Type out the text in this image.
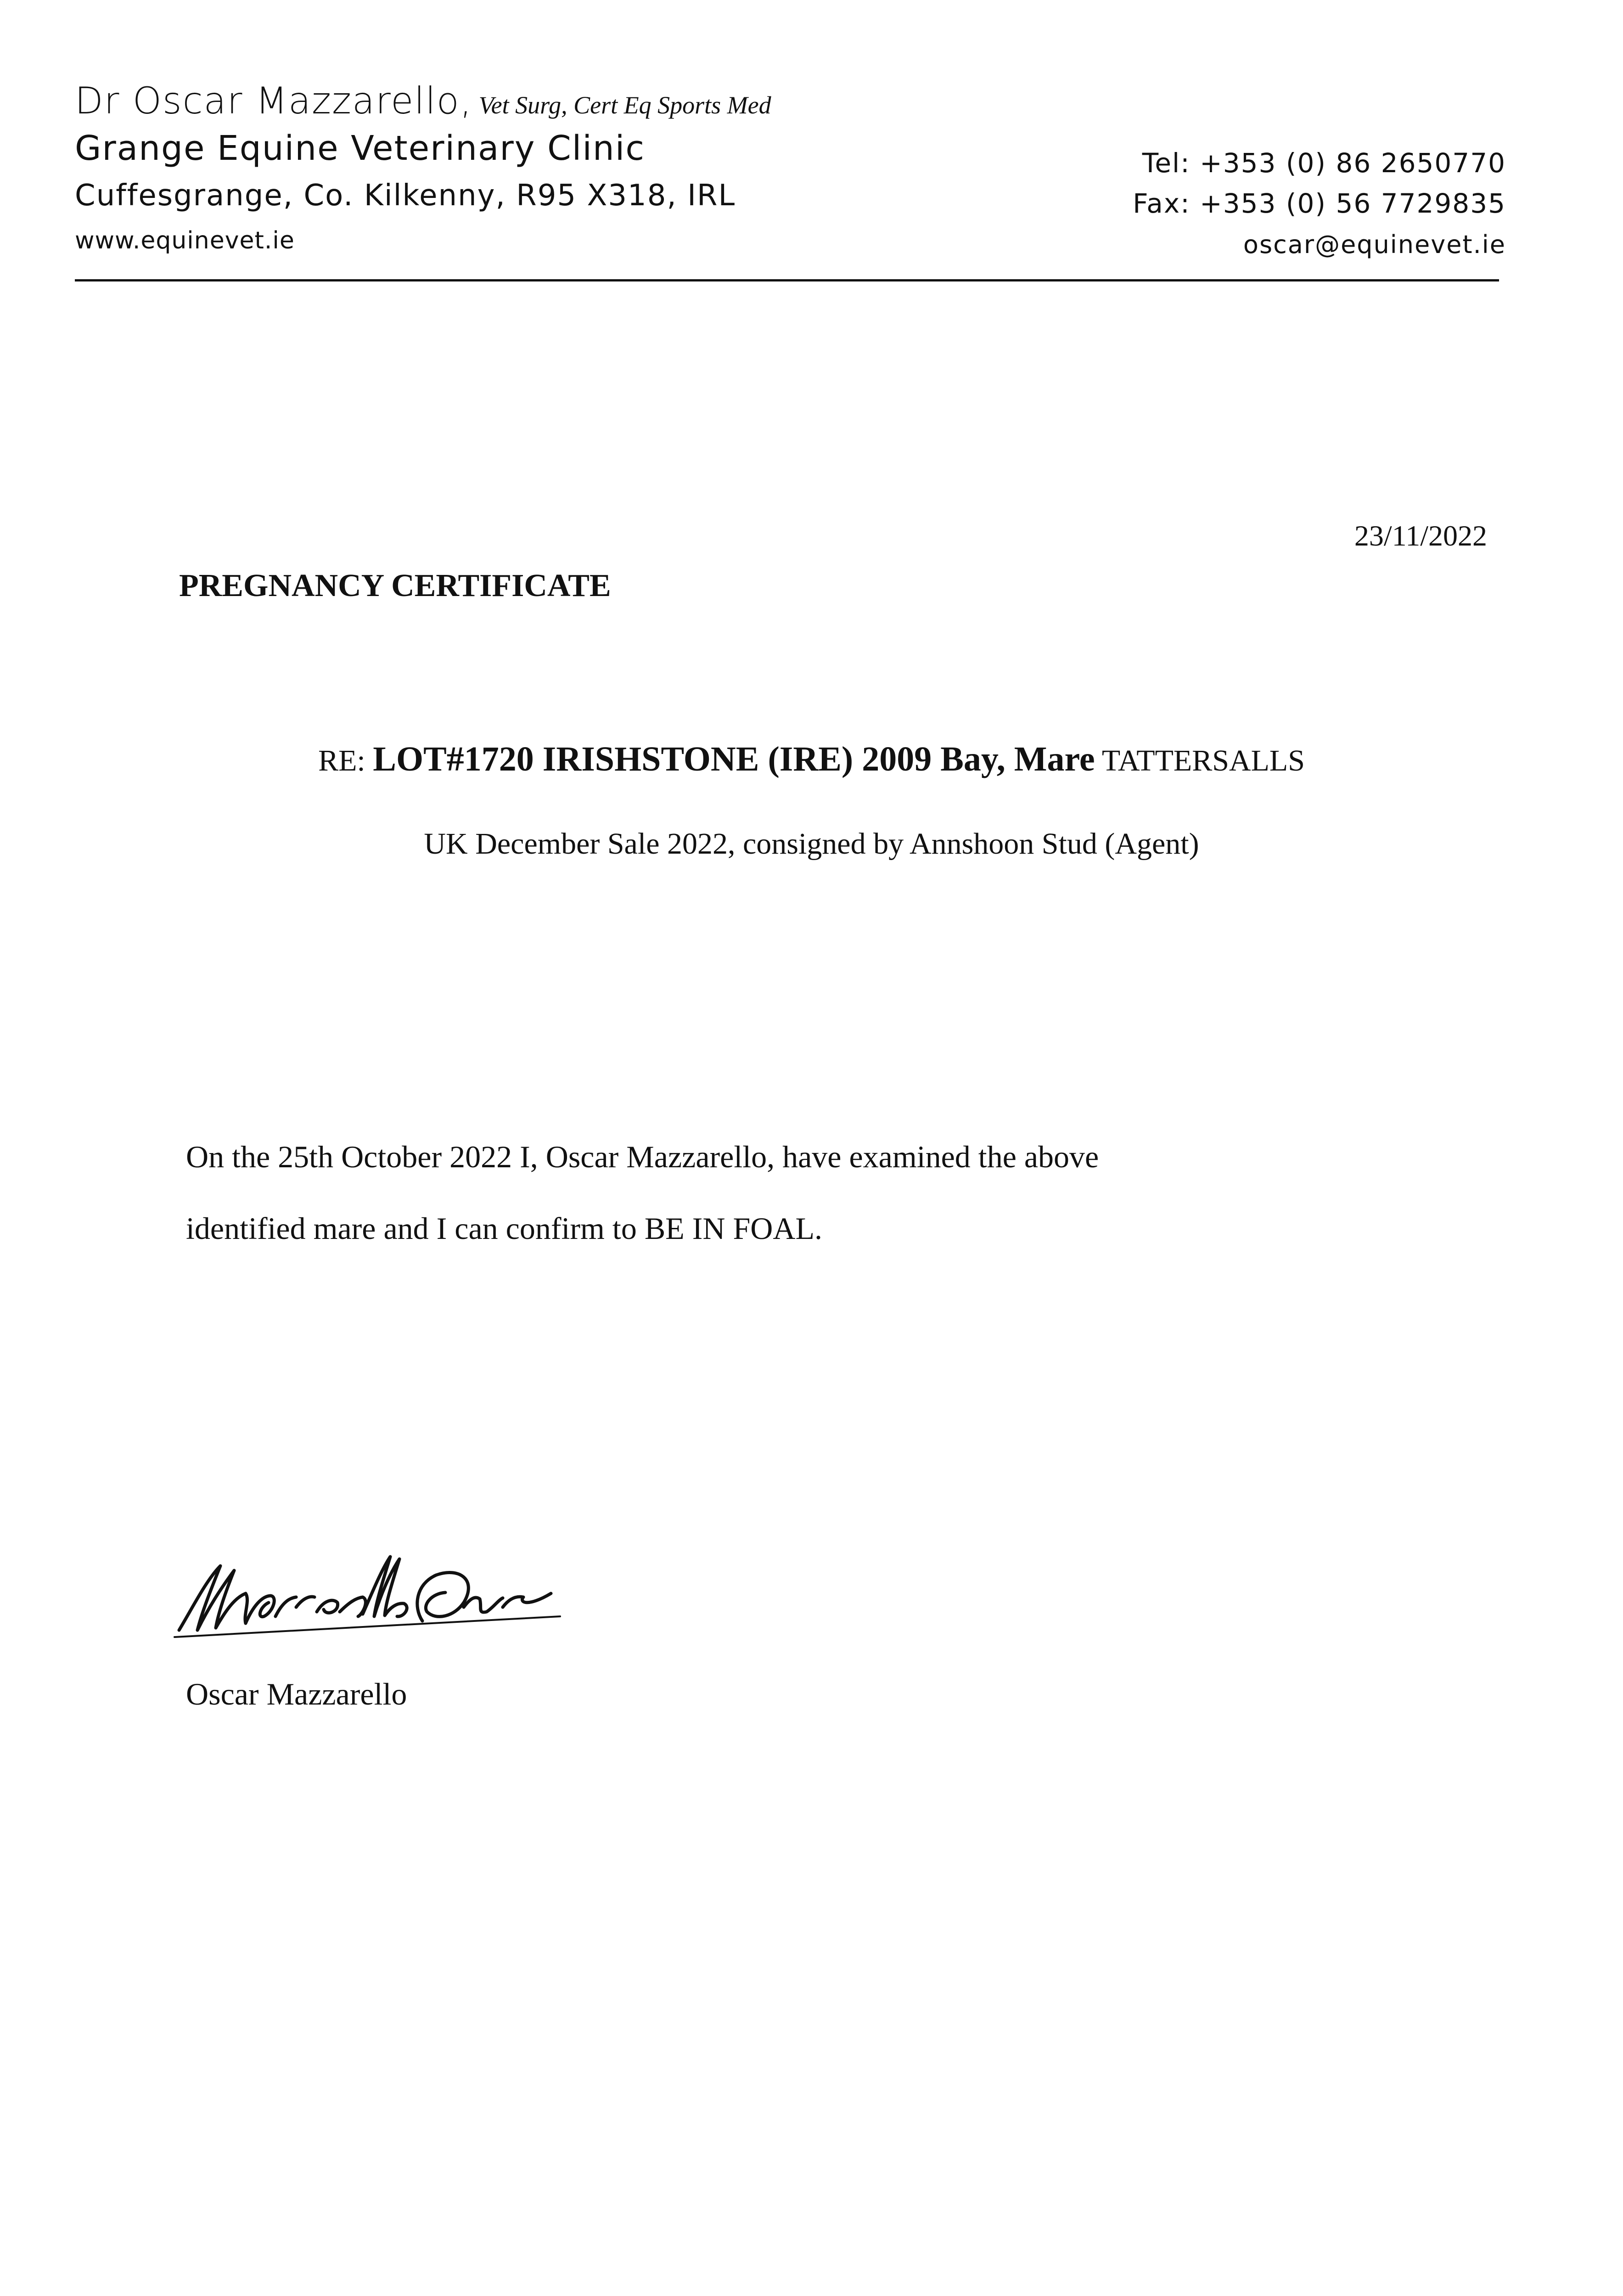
Dr Oscar Mazzarello, Vet Surg, Cert Eq Sports Med
Grange Equine Veterinary Clinic
Cuffesgrange, Co. Kilkenny, R95 X318, IRL
www.equinevet.ie
Tel: +353 (0) 86 2650770
Fax: +353 (0) 56 7729835
oscar@equinevet.ie
23/11/2022
PREGNANCY CERTIFICATE
RE: LOT#1720 IRISHSTONE (IRE) 2009 Bay, Mare TATTERSALLS
UK December Sale 2022, consigned by Annshoon Stud (Agent)
On the 25th October 2022 I, Oscar Mazzarello, have examined the above
identified mare and I can confirm to BE IN FOAL.
Oscar Mazzarello
